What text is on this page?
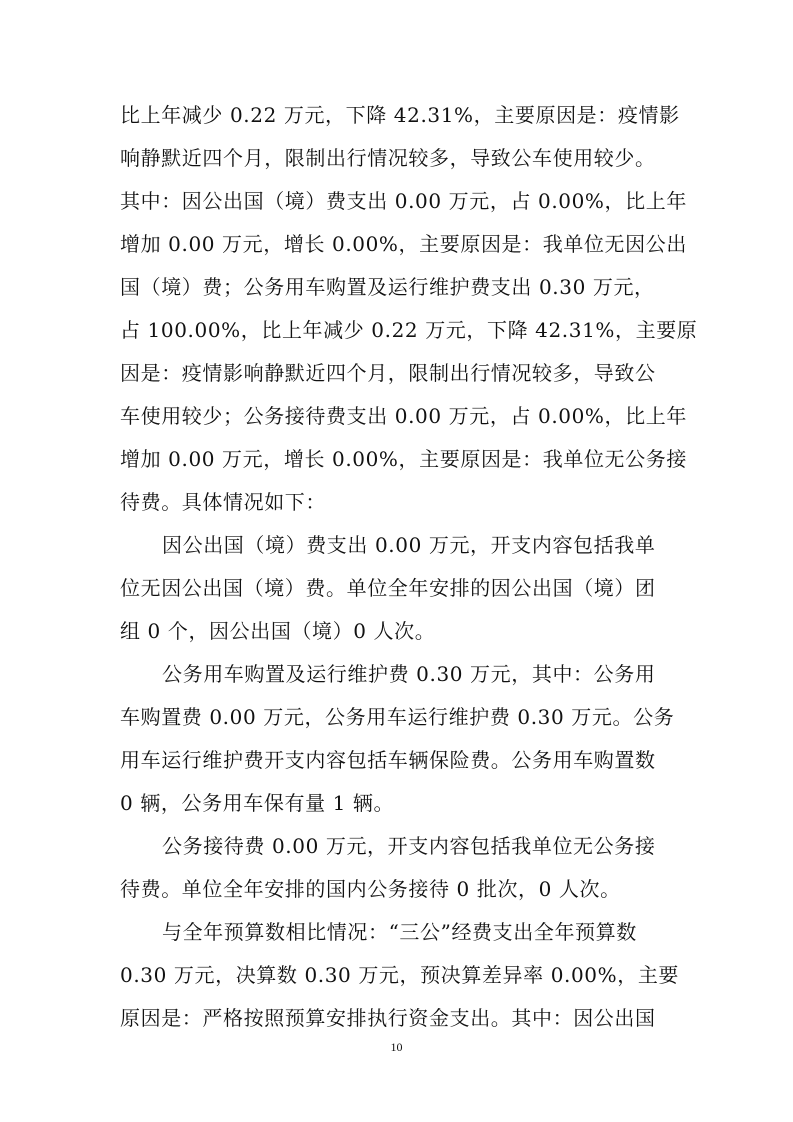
比上年减少 0.22 万元，下降 42.31%，主要原因是：疫情影
响静默近四个月，限制出行情况较多，导致公车使用较少。
其中：因公出国（境）费支出 0.00 万元，占 0.00%，比上年
增加 0.00 万元，增长 0.00%，主要原因是：我单位无因公出
国（境）费；公务用车购置及运行维护费支出 0.30 万元，
占 100.00%，比上年减少 0.22 万元，下降 42.31%，主要原
因是：疫情影响静默近四个月，限制出行情况较多，导致公
车使用较少；公务接待费支出 0.00 万元，占 0.00%，比上年
增加 0.00 万元，增长 0.00%，主要原因是：我单位无公务接
待费。具体情况如下：
因公出国（境）费支出 0.00 万元，开支内容包括我单
位无因公出国（境）费。单位全年安排的因公出国（境）团
组 0 个，因公出国（境）0 人次。
公务用车购置及运行维护费 0.30 万元，其中：公务用
车购置费 0.00 万元，公务用车运行维护费 0.30 万元。公务
用车运行维护费开支内容包括车辆保险费。公务用车购置数
0 辆，公务用车保有量 1 辆。
公务接待费 0.00 万元，开支内容包括我单位无公务接
待费。单位全年安排的国内公务接待 0 批次，0 人次。
与全年预算数相比情况：“三公”经费支出全年预算数
0.30 万元，决算数 0.30 万元，预决算差异率 0.00%，主要
原因是：严格按照预算安排执行资金支出。其中：因公出国
10
